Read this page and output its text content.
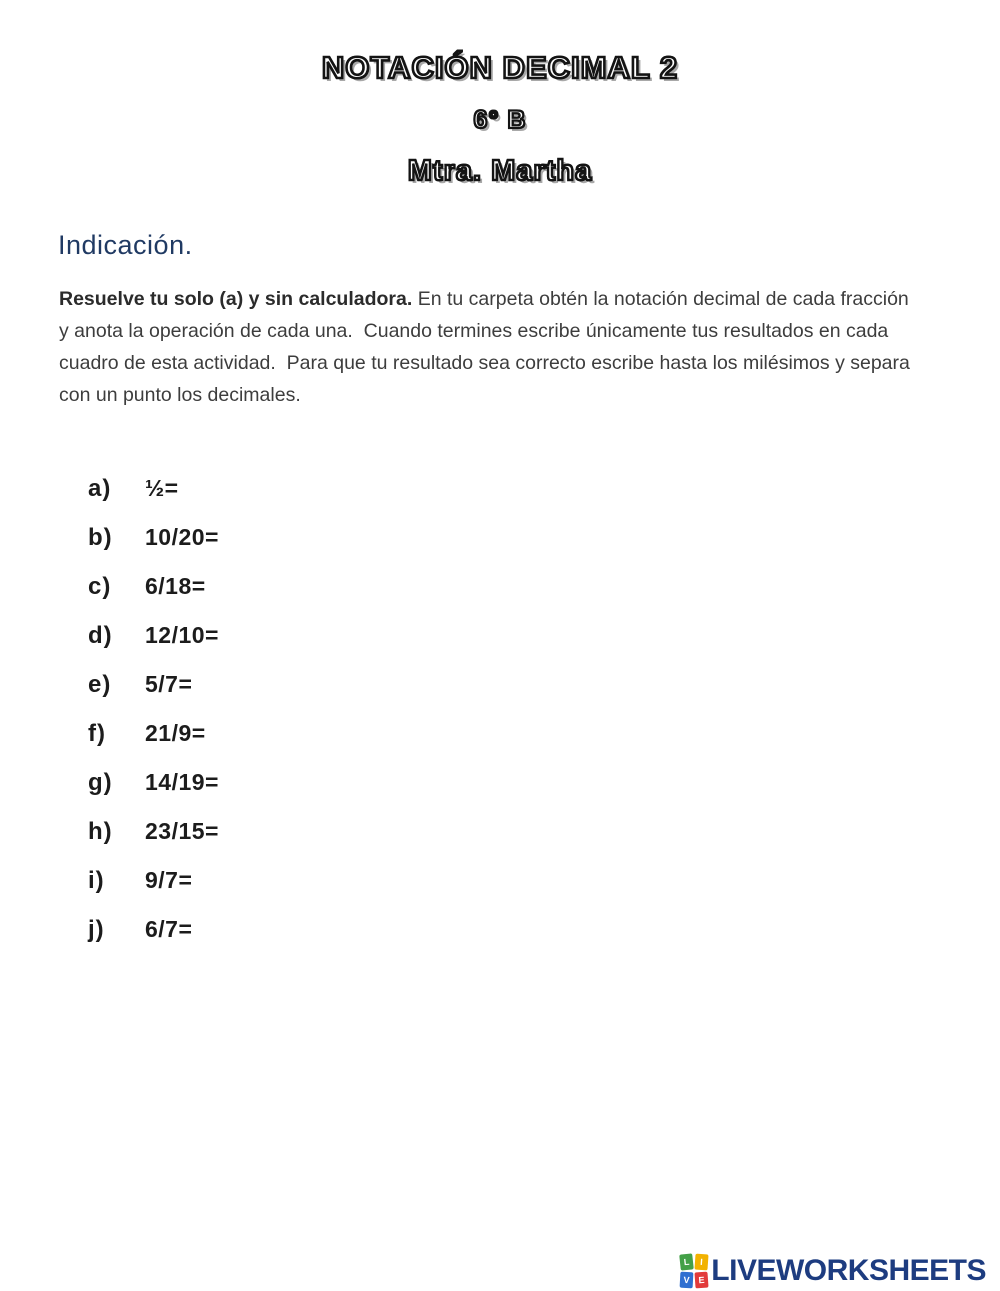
NOTACIÓN DECIMAL 2
6° B
Mtra. Martha
Indicación.

Resuelve tu solo (a) y sin calculadora. En tu carpeta obtén la notación decimal de cada fracción y anota la operación de cada una.  Cuando termines escribe únicamente tus resultados en cada cuadro de esta actividad.  Para que tu resultado sea correcto escribe hasta los milésimos y separa con un punto los decimales.

a)	½=
b)	10/20=
c)	6/18=
d)	12/10=
e)	5/7=
f)	21/9=
g)	14/19=
h)	23/15=
i)	9/7=
j)	6/7=
L	I
V E LIVEWORKSHEETS
